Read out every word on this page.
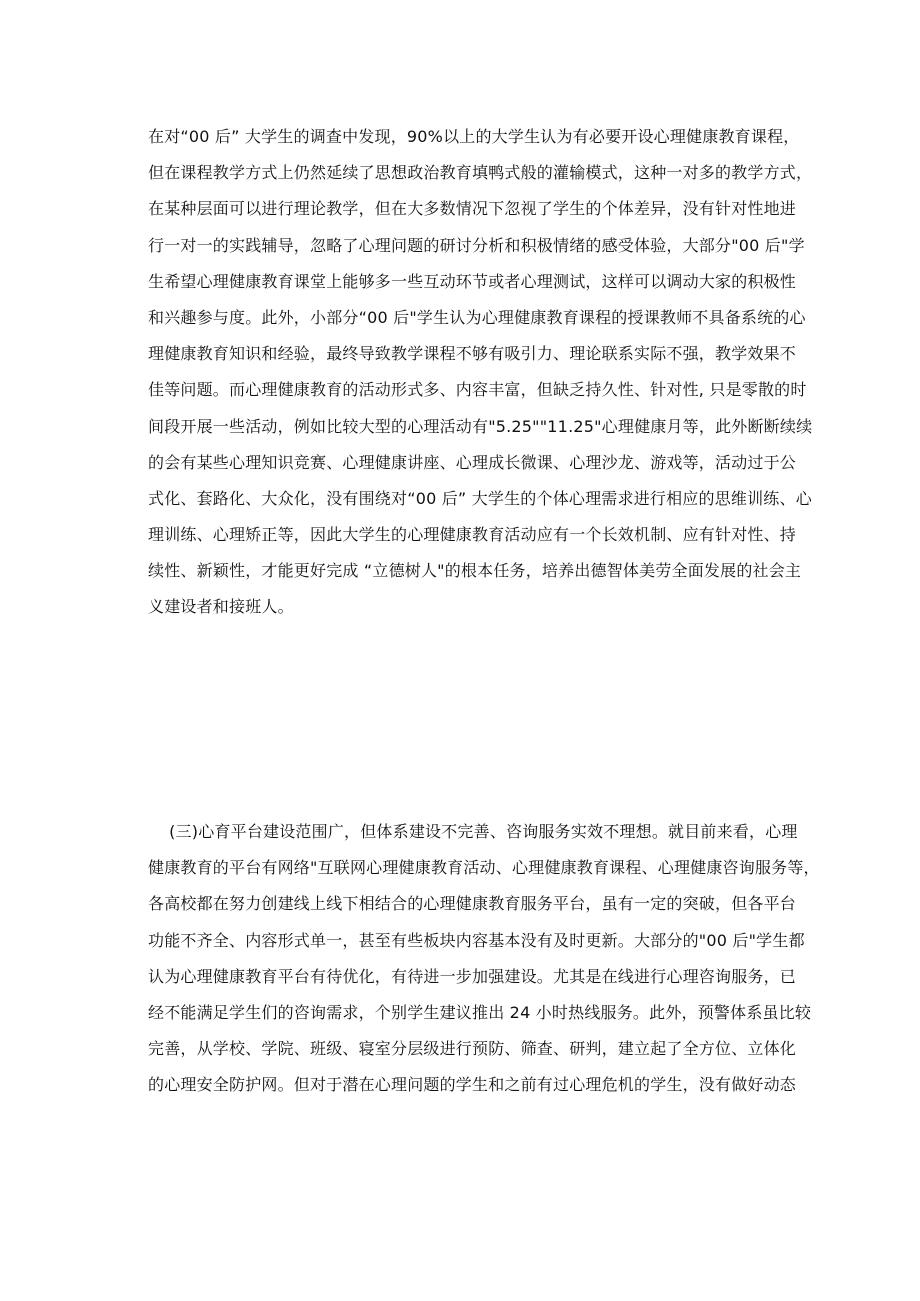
在对“00 后” 大学生的调查中发现，90%以上的大学生认为有必要开设心理健康教育课程，
但在课程教学方式上仍然延续了思想政治教育填鸭式般的灌输模式，这种一对多的教学方式，
在某种层面可以进行理论教学，但在大多数情况下忽视了学生的个体差异，没有针对性地进
行一对一的实践辅导，忽略了心理问题的研讨分析和积极情绪的感受体验，大部分"00 后"学
生希望心理健康教育课堂上能够多一些互动环节或者心理测试，这样可以调动大家的积极性
和兴趣参与度。此外，小部分“00 后"学生认为心理健康教育课程的授课教师不具备系统的心
理健康教育知识和经验，最终导致教学课程不够有吸引力、理论联系实际不强，教学效果不
佳等问题。而心理健康教育的活动形式多、内容丰富，但缺乏持久性、针对性, 只是零散的时
间段开展一些活动，例如比较大型的心理活动有"5.25""11.25"心理健康月等，此外断断续续
的会有某些心理知识竞赛、心理健康讲座、心理成长微课、心理沙龙、游戏等，活动过于公
式化、套路化、大众化，没有围绕对“00 后” 大学生的个体心理需求进行相应的思维训练、心
理训练、心理矫正等，因此大学生的心理健康教育活动应有一个长效机制、应有针对性、持
续性、新颖性，才能更好完成 “立德树人"的根本任务，培养出德智体美劳全面发展的社会主
义建设者和接班人。
(三)心育平台建设范围广，但体系建设不完善、咨询服务实效不理想。就目前来看，心理
健康教育的平台有网络"互联网心理健康教育活动、心理健康教育课程、心理健康咨询服务等，
各高校都在努力创建线上线下相结合的心理健康教育服务平台，虽有一定的突破，但各平台
功能不齐全、内容形式单一，甚至有些板块内容基本没有及时更新。大部分的"00 后"学生都
认为心理健康教育平台有待优化，有待进一步加强建设。尤其是在线进行心理咨询服务，已
经不能满足学生们的咨询需求，个别学生建议推出 24 小时热线服务。此外，预警体系虽比较
完善，从学校、学院、班级、寝室分层级进行预防、筛查、研判，建立起了全方位、立体化
的心理安全防护网。但对于潜在心理问题的学生和之前有过心理危机的学生，没有做好动态
